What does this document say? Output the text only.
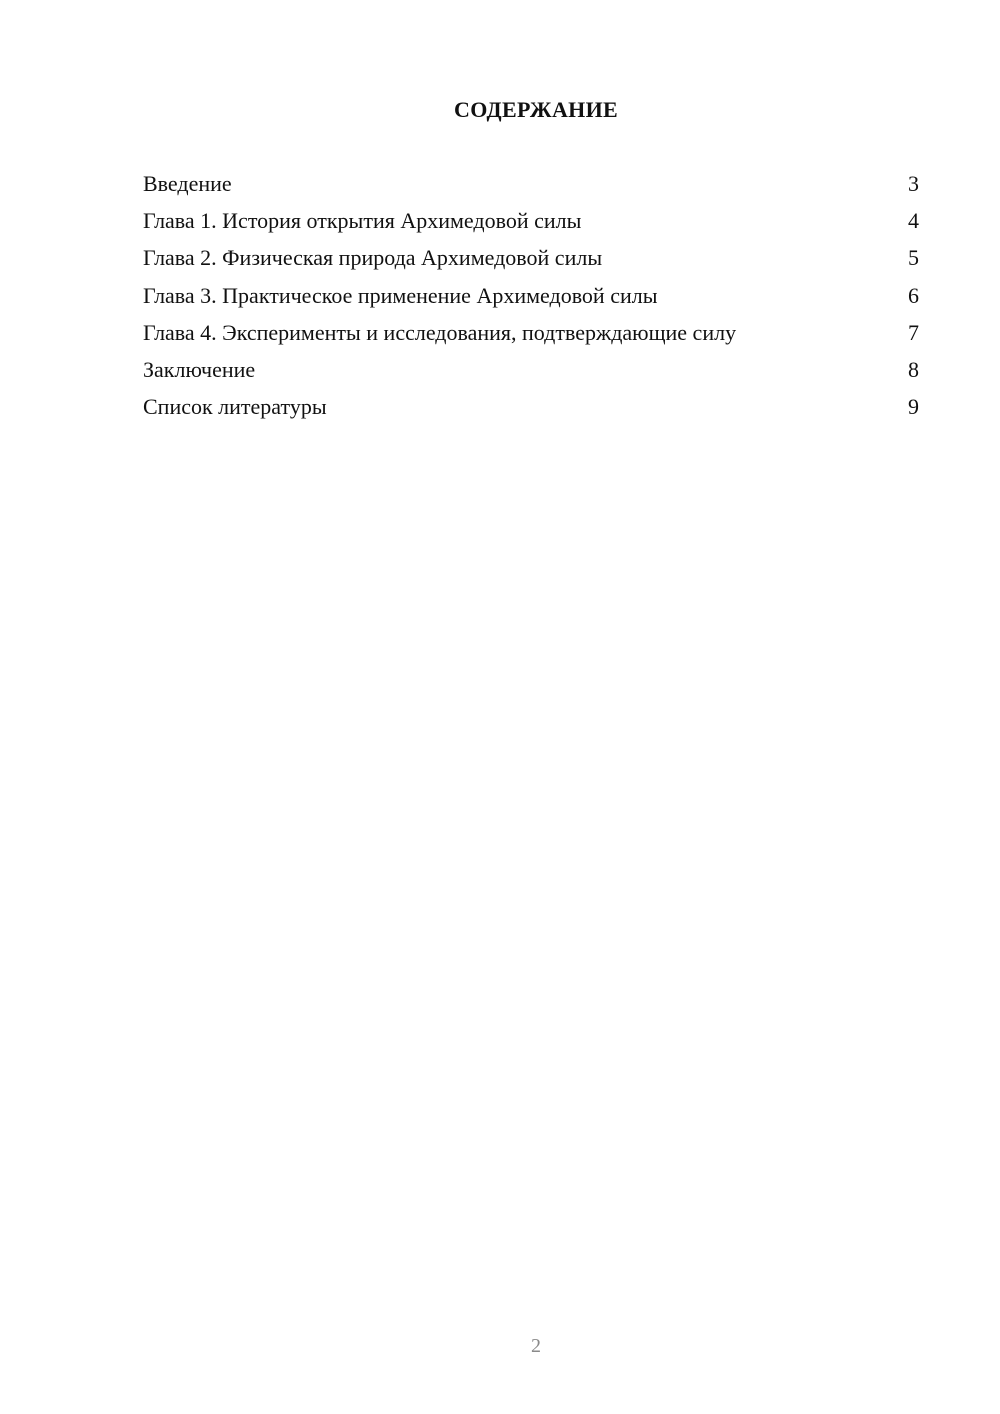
СОДЕРЖАНИЕ
Введение	3
Глава 1. История открытия Архимедовой силы	4
Глава 2. Физическая природа Архимедовой силы	5
Глава 3. Практическое применение Архимедовой силы	6
Глава 4. Эксперименты и исследования, подтверждающие силу	7
Заключение	8
Список литературы	9
2
